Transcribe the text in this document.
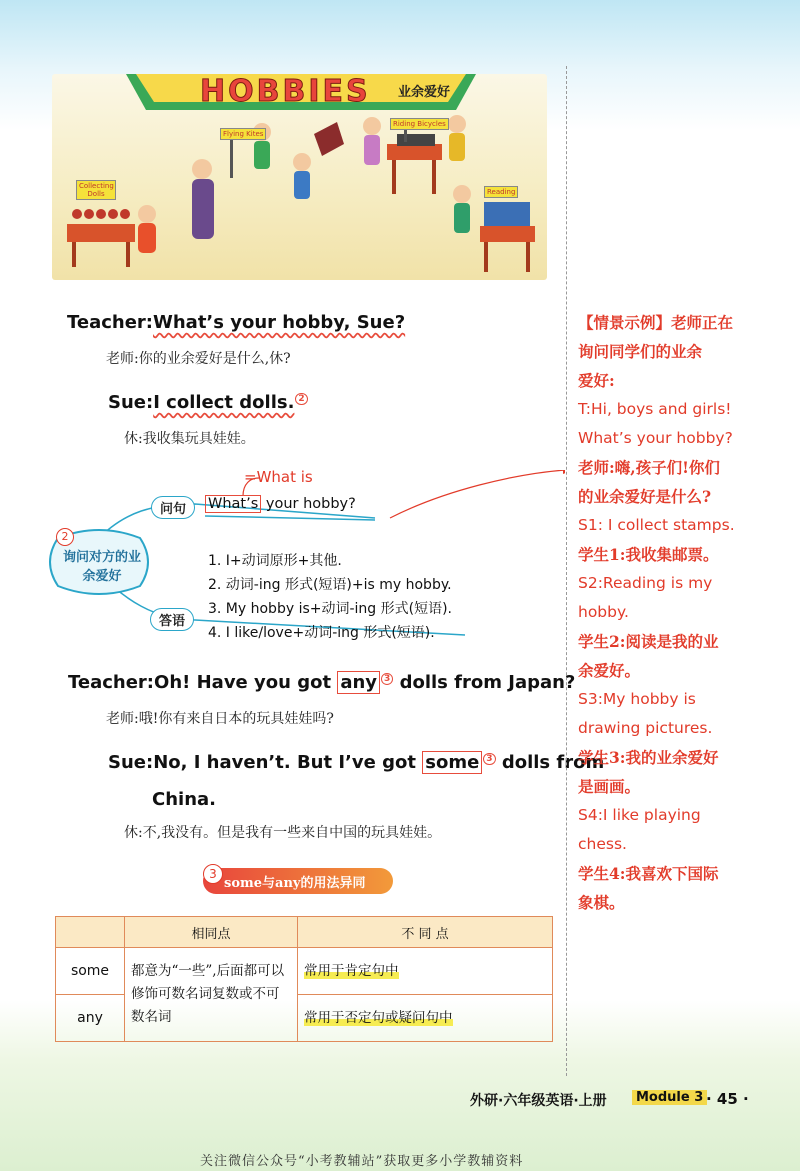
Flying Kites
Riding Bicycles
Collecting Dolls	Reading
HOBBIES 业余爱好
Teacher:What’s your hobby, Sue?
老师:你的业余爱好是什么,休?
Sue:I collect dolls. $^2$
休:我收集玩具娃娃。
2
询问对方的业余爱好
问句
=What is
What’s your hobby?
答语
1. I+动词原形+其他.
2. 动词-ing 形式(短语)+is my hobby.
3. My hobby is+动词-ing 形式(短语).
4. I like/love+动词-ing 形式(短语).
Teacher:Oh! Have you got any $^3$ dolls from Japan?
老师:哦!你有来自日本的玩具娃娃吗?
Sue:No, I haven’t. But I’ve got some $^3$ dolls from
China.
休:不,我没有。但是我有一些来自中国的玩具娃娃。
3
some与any的用法异同
	相同点	不 同 点
some	都意为“一些”,后面都可以修饰可数名词复数或不可数名词	常用于肯定句中
any		常用于否定句或疑问句中
【情景示例】老师正在
询问同学们的业余
爱好:
T:Hi, boys and girls!
What’s your hobby?
老师:嗨,孩子们!你们
的业余爱好是什么?
S1: I collect stamps.
学生1:我收集邮票。
S2:Reading is my
hobby.
学生2:阅读是我的业
余爱好。
S3:My hobby is
drawing pictures.
学生3:我的业余爱好
是画画。
S4:I like playing
chess.
学生4:我喜欢下国际
象棋。
外研·六年级英语·上册	Module 3 · 45 ·
关注微信公众号“小考教辅站”获取更多小学教辅资料
